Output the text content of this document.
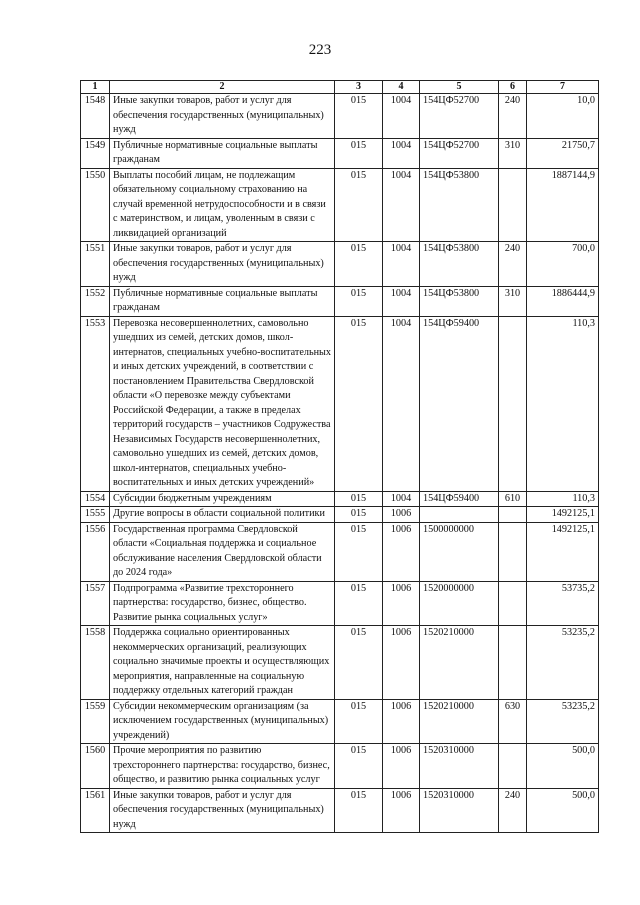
223
1	2	3	4	5	6	7
1548	Иные закупки товаров, работ и услуг для обеспечения государственных (муниципальных) нужд	015	1004	154ЦФ52700	240	10,0
1549	Публичные нормативные социальные выплаты гражданам	015	1004	154ЦФ52700	310	21750,7
1550	Выплаты пособий лицам, не подлежащим обязательному социальному страхованию на случай временной нетрудоспособности и в связи с материнством, и лицам, уволенным в связи с ликвидацией организаций	015	1004	154ЦФ53800		1887144,9
1551	Иные закупки товаров, работ и услуг для обеспечения государственных (муниципальных) нужд	015	1004	154ЦФ53800	240	700,0
1552	Публичные нормативные социальные выплаты гражданам	015	1004	154ЦФ53800	310	1886444,9
1553	Перевозка несовершеннолетних, самовольно ушедших из семей, детских домов, школ-интернатов, специальных учебно-воспитательных и иных детских учреждений, в соответствии с постановлением Правительства Свердловской области «О перевозке между субъектами Российской Федерации, а также в пределах территорий государств – участников Содружества Независимых Государств несовершеннолетних, самовольно ушедших из семей, детских домов, школ-интернатов, специальных учебно-воспитательных и иных детских учреждений»	015	1004	154ЦФ59400		110,3
1554	Субсидии бюджетным учреждениям	015	1004	154ЦФ59400	610	110,3
1555	Другие вопросы в области социальной политики	015	1006			1492125,1
1556	Государственная программа Свердловской области «Социальная поддержка и социальное обслуживание населения Свердловской области до 2024 года»	015	1006	1500000000		1492125,1
1557	Подпрограмма «Развитие трехстороннего партнерства: государство, бизнес, общество. Развитие рынка социальных услуг»	015	1006	1520000000		53735,2
1558	Поддержка социально ориентированных некоммерческих организаций, реализующих социально значимые проекты и осуществляющих мероприятия, направленные на социальную поддержку отдельных категорий граждан	015	1006	1520210000		53235,2
1559	Субсидии некоммерческим организациям (за исключением государственных (муниципальных) учреждений)	015	1006	1520210000	630	53235,2
1560	Прочие мероприятия по развитию трехстороннего партнерства: государство, бизнес, общество, и развитию рынка социальных услуг	015	1006	1520310000		500,0
1561	Иные закупки товаров, работ и услуг для обеспечения государственных (муниципальных) нужд	015	1006	1520310000	240	500,0
